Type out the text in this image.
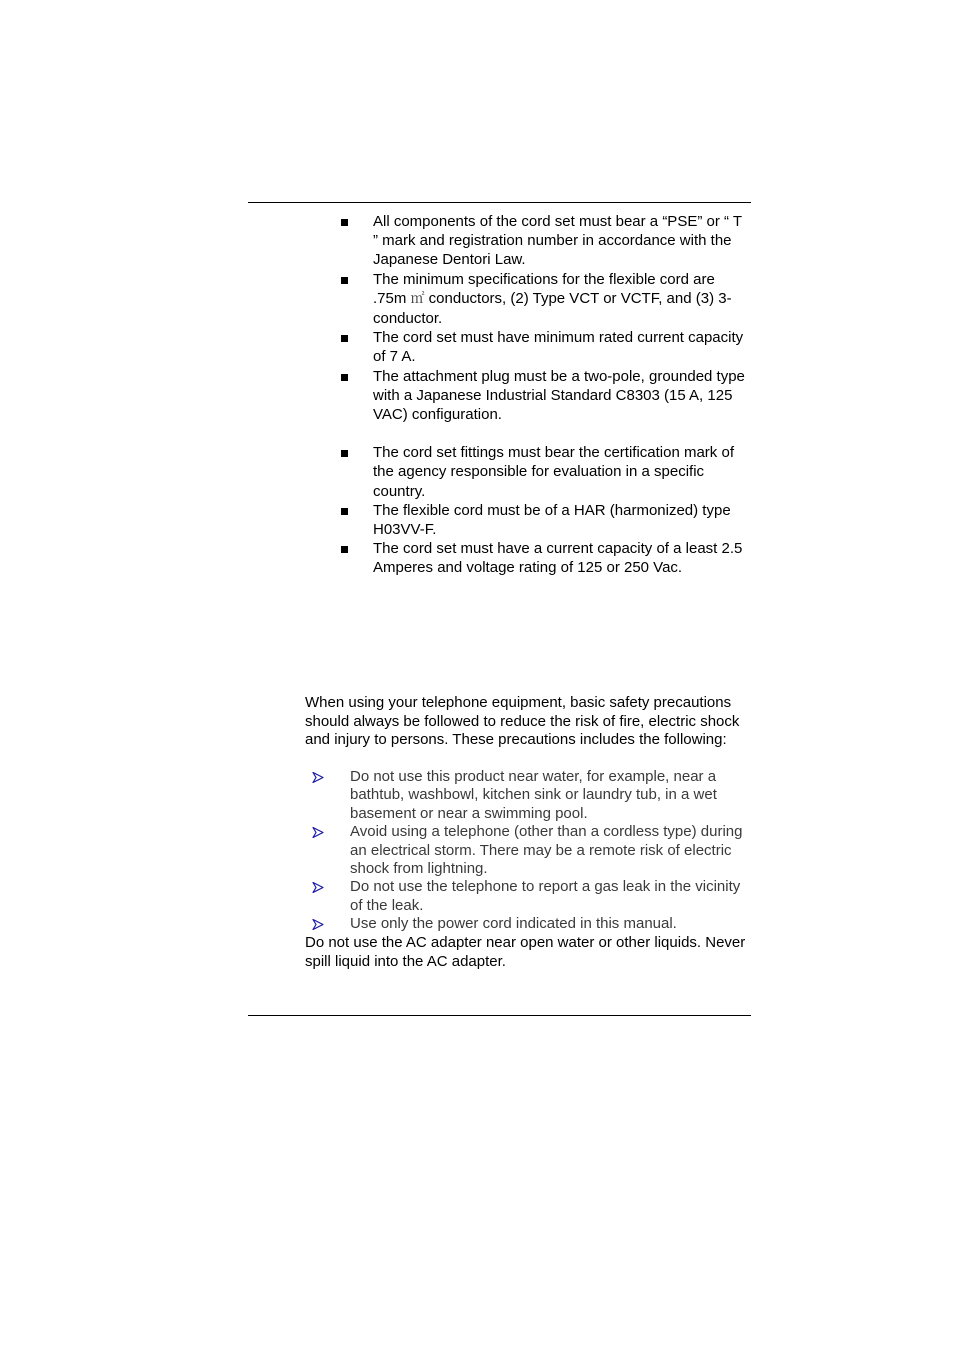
All components of the cord set must bear a “PSE” or “ T ” mark and registration number in accordance with the Japanese Dentori Law.
The minimum specifications for the flexible cord are .75m ㎡ conductors, (2) Type VCT or VCTF, and (3) 3-conductor.
The cord set must have minimum rated current capacity of 7 A.
The attachment plug must be a two-pole, grounded type with a Japanese Industrial Standard C8303 (15 A, 125 VAC) configuration.
The cord set fittings must bear the certification mark of the agency responsible for evaluation in a specific country.
The flexible cord must be of a HAR (harmonized) type H03VV-F.
The cord set must have a current capacity of a least 2.5 Amperes and voltage rating of 125 or 250 Vac.

When using your telephone equipment, basic safety precautions should always be followed to reduce the risk of fire, electric shock and injury to persons. These precautions includes the following:

Do not use this product near water, for example, near a bathtub, washbowl, kitchen sink or laundry tub, in a wet basement or near a swimming pool.
Avoid using a telephone (other than a cordless type) during an electrical storm. There may be a remote risk of electric shock from lightning.
Do not use the telephone to report a gas leak in the vicinity of the leak.
Use only the power cord indicated in this manual.

Do not use the AC adapter near open water or other liquids. Never spill liquid into the AC adapter.
